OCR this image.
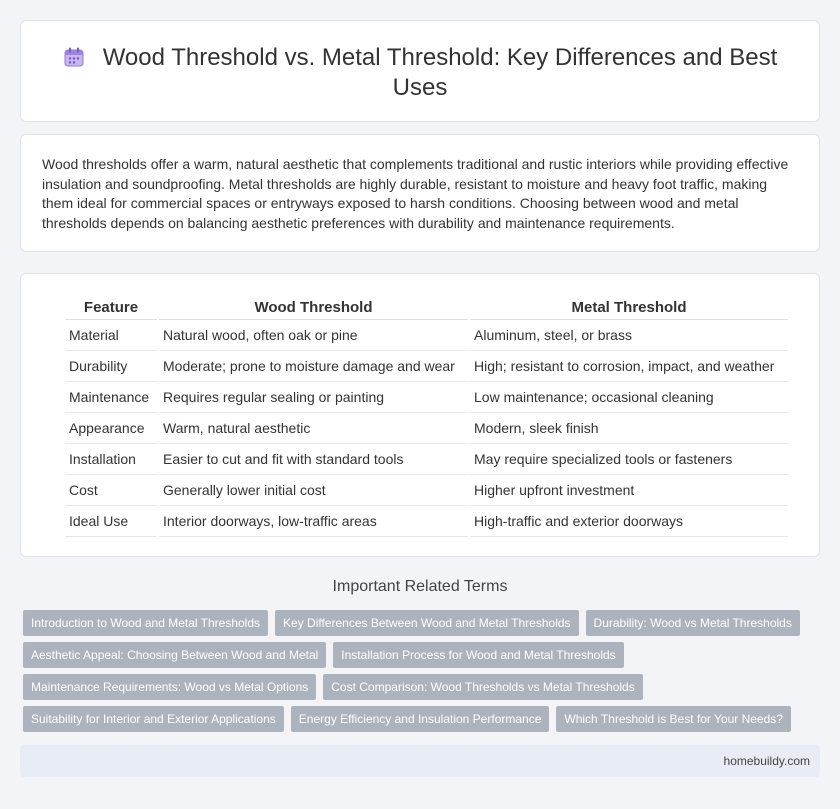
Wood Threshold vs. Metal Threshold: Key Differences and Best Uses

Wood thresholds offer a warm, natural aesthetic that complements traditional and rustic interiors while providing effective insulation and soundproofing. Metal thresholds are highly durable, resistant to moisture and heavy foot traffic, making them ideal for commercial spaces or entryways exposed to harsh conditions. Choosing between wood and metal thresholds depends on balancing aesthetic preferences with durability and maintenance requirements.

Feature	Wood Threshold	Metal Threshold
Material	Natural wood, often oak or pine	Aluminum, steel, or brass
Durability	Moderate; prone to moisture damage and wear	High; resistant to corrosion, impact, and weather
Maintenance	Requires regular sealing or painting	Low maintenance; occasional cleaning
Appearance	Warm, natural aesthetic	Modern, sleek finish
Installation	Easier to cut and fit with standard tools	May require specialized tools or fasteners
Cost	Generally lower initial cost	Higher upfront investment
Ideal Use	Interior doorways, low-traffic areas	High-traffic and exterior doorways
Important Related Terms
Introduction to Wood and Metal Thresholds Key Differences Between Wood and Metal Thresholds Durability: Wood vs Metal Thresholds
Aesthetic Appeal: Choosing Between Wood and Metal Installation Process for Wood and Metal Thresholds
Maintenance Requirements: Wood vs Metal Options Cost Comparison: Wood Thresholds vs Metal Thresholds
Suitability for Interior and Exterior Applications Energy Efficiency and Insulation Performance Which Threshold is Best for Your Needs?
homebuildy.com
